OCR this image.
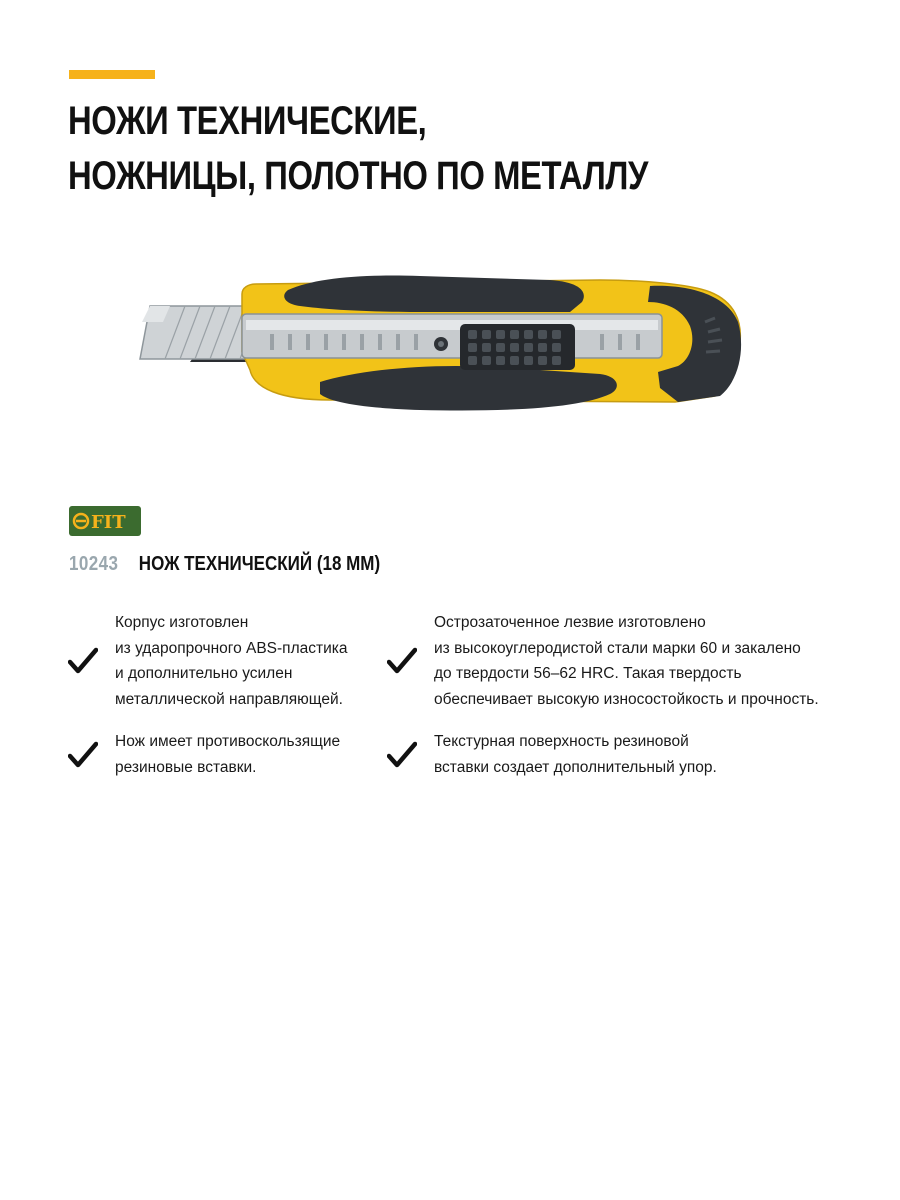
НОЖИ ТЕХНИЧЕСКИЕ,
НОЖНИЦЫ, ПОЛОТНО ПО МЕТАЛЛУ
FIT
10243 НОЖ ТЕХНИЧЕСКИЙ (18 ММ)
Корпус изготовлен
из ударопрочного ABS-пластика
и дополнительно усилен
металлической направляющей.
Острозаточенное лезвие изготовлено
из высокоуглеродистой стали марки 60 и закалено
до твердости 56–62 HRC. Такая твердость
обеспечивает высокую износостойкость и прочность.
Нож имеет противоскользящие
резиновые вставки.
Текстурная поверхность резиновой
вставки создает дополнительный упор.
